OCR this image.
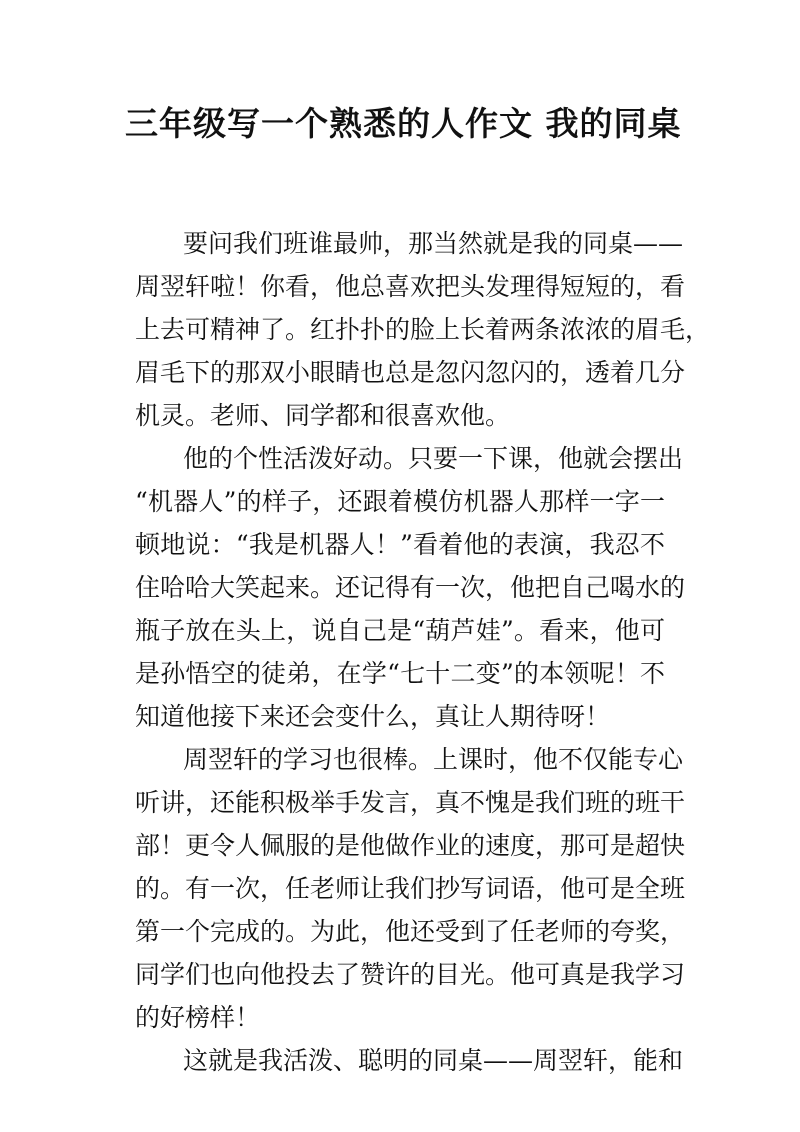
三年级写一个熟悉的人作文 我的同桌
要问我们班谁最帅，那当然就是我的同桌——
周翌轩啦！你看，他总喜欢把头发理得短短的，看
上去可精神了。红扑扑的脸上长着两条浓浓的眉毛，
眉毛下的那双小眼睛也总是忽闪忽闪的，透着几分
机灵。老师、同学都和很喜欢他。
他的个性活泼好动。只要一下课，他就会摆出
“机器人”的样子，还跟着模仿机器人那样一字一
顿地说：“我是机器人！”看着他的表演，我忍不
住哈哈大笑起来。还记得有一次，他把自己喝水的
瓶子放在头上，说自己是“葫芦娃”。看来，他可
是孙悟空的徒弟，在学“七十二变”的本领呢！不
知道他接下来还会变什么，真让人期待呀！
周翌轩的学习也很棒。上课时，他不仅能专心
听讲，还能积极举手发言，真不愧是我们班的班干
部！更令人佩服的是他做作业的速度，那可是超快
的。有一次，任老师让我们抄写词语，他可是全班
第一个完成的。为此，他还受到了任老师的夸奖，
同学们也向他投去了赞许的目光。他可真是我学习
的好榜样！
这就是我活泼、聪明的同桌——周翌轩，能和
